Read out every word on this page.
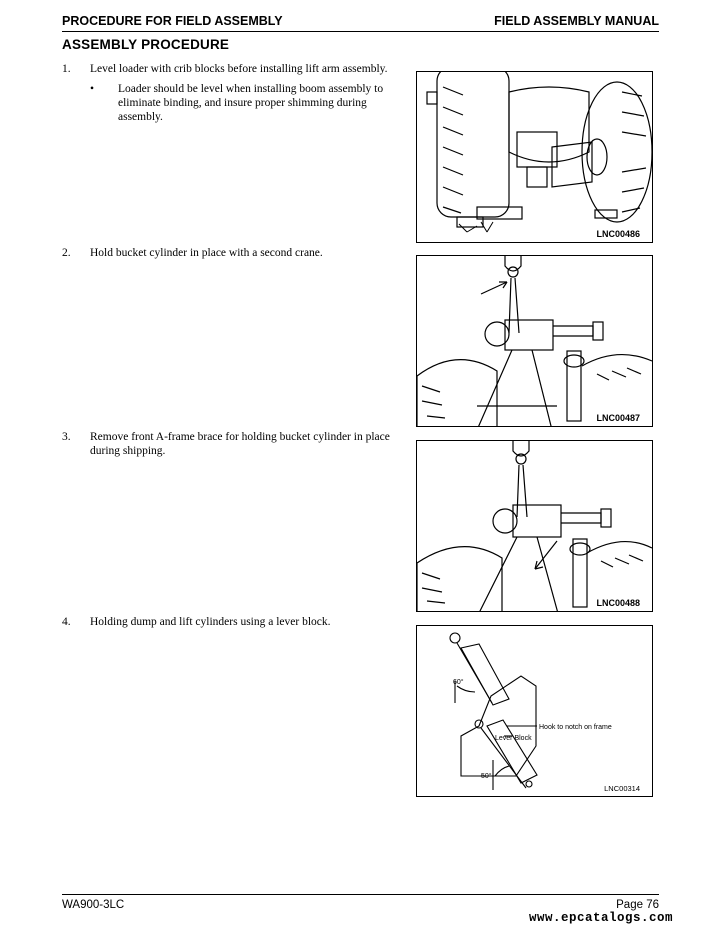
PROCEDURE FOR FIELD ASSEMBLY	FIELD ASSEMBLY MANUAL
ASSEMBLY PROCEDURE
1. Level loader with crib blocks before installing lift arm assembly.
• Loader should be level when installing boom assembly to eliminate binding, and insure proper shimming during assembly.
LNC00486
2. Hold bucket cylinder in place with a second crane.
LNC00487
3. Remove front A-frame brace for holding bucket cylinder in place during shipping.
LNC00488
4. Holding dump and lift cylinders using a lever block.
60°
50°
Hook to notch on frame
Lever Block
LNC00314
WA900-3LC	Page 76
www.epcatalogs.com
